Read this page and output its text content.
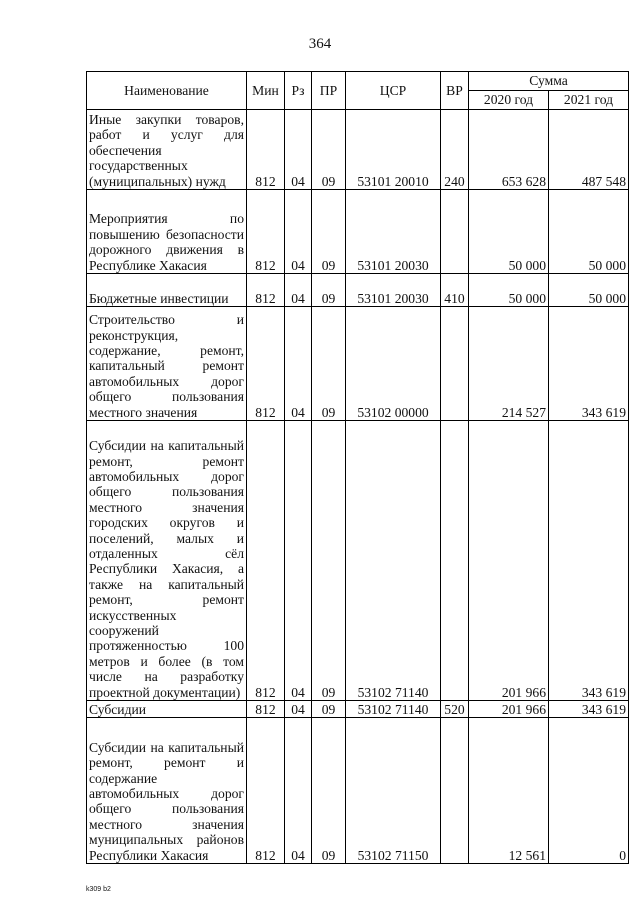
364
Наименование	Мин	Рз	ПР	ЦСР	ВР	Сумма	
						2020 год	2021 год
Иные закупки товаров, работ и услуг для обеспечения государственных (муниципальных) нужд	812	04	09	53101 20010	240	653 628	487 548
Мероприятия по повышению безопасности дорожного движения в Республике Хакасия	812	04	09	53101 20030		50 000	50 000
Бюджетные инвестиции	812	04	09	53101 20030	410	50 000	50 000
Строительство и реконструкция, содержание, ремонт, капитальный ремонт автомобильных дорог общего пользования местного значения	812	04	09	53102 00000		214 527	343 619
Субсидии на капитальный ремонт, ремонт автомобильных дорог общего пользования местного значения городских округов и поселений, малых и отдаленных сёл Республики Хакасия, а также на капитальный ремонт, ремонт искусственных сооружений протяженностью 100 метров и более (в том числе на разработку проектной документации)	812	04	09	53102 71140		201 966	343 619
Субсидии	812	04	09	53102 71140	520	201 966	343 619
Субсидии на капитальный ремонт, ремонт и содержание автомобильных дорог общего пользования местного значения муниципальных районов Республики Хакасия	812	04	09	53102 71150		12 561	0
k309 b2
